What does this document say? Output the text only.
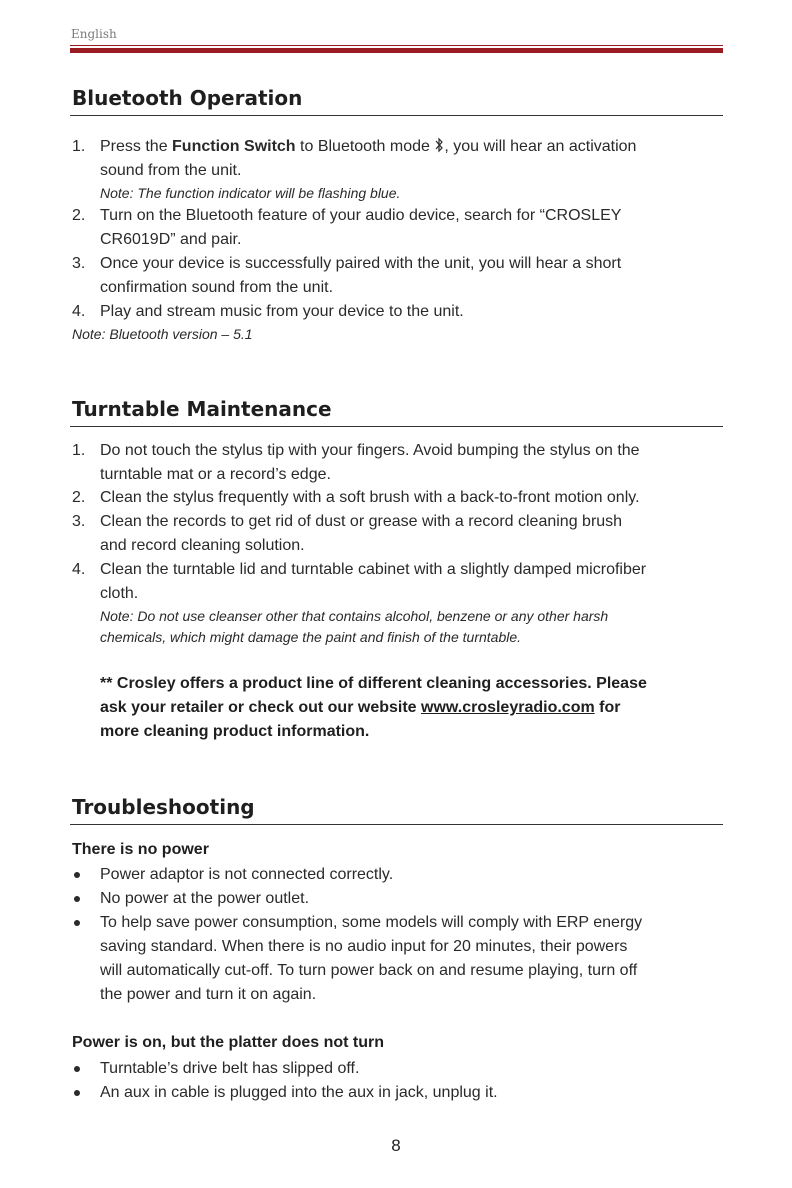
English
Bluetooth Operation
1. Press the Function Switch to Bluetooth mode , you will hear an activation
sound from the unit.
Note: The function indicator will be flashing blue.
2. Turn on the Bluetooth feature of your audio device, search for “CROSLEY
CR6019D” and pair.
3. Once your device is successfully paired with the unit, you will hear a short
confirmation sound from the unit.
4. Play and stream music from your device to the unit.
Note: Bluetooth version – 5.1
Turntable Maintenance
1. Do not touch the stylus tip with your fingers. Avoid bumping the stylus on the
turntable mat or a record’s edge.
2. Clean the stylus frequently with a soft brush with a back-to-front motion only.
3. Clean the records to get rid of dust or grease with a record cleaning brush
and record cleaning solution.
4. Clean the turntable lid and turntable cabinet with a slightly damped microfiber
cloth.
Note: Do not use cleanser other that contains alcohol, benzene or any other harsh
chemicals, which might damage the paint and finish of the turntable.
** Crosley offers a product line of different cleaning accessories. Please
ask your retailer or check out our website www.crosleyradio.com for
more cleaning product information.
Troubleshooting
There is no power
Power adaptor is not connected correctly.
No power at the power outlet.
To help save power consumption, some models will comply with ERP energy
saving standard. When there is no audio input for 20 minutes, their powers
will automatically cut-off. To turn power back on and resume playing, turn off
the power and turn it on again.
Power is on, but the platter does not turn
Turntable’s drive belt has slipped off.
An aux in cable is plugged into the aux in jack, unplug it.
8
